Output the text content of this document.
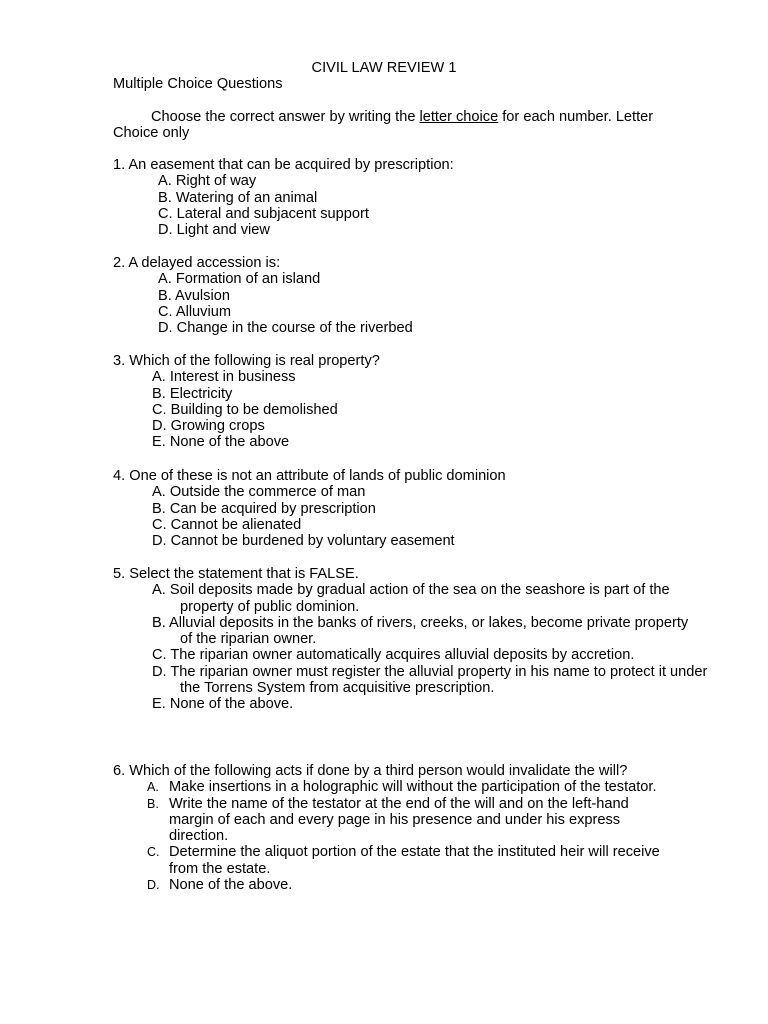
CIVIL LAW REVIEW 1
Multiple Choice Questions
Choose the correct answer by writing the letter choice for each number. Letter Choice only
1. An easement that can be acquired by prescription:
A. Right of way
B. Watering of an animal
C. Lateral and subjacent support
D. Light and view
2. A delayed accession is:
A. Formation of an island
B. Avulsion
C. Alluvium
D. Change in the course of the riverbed
3. Which of the following is real property?
A. Interest in business
B. Electricity
C. Building to be demolished
D. Growing crops
E. None of the above
4. One of these is not an attribute of lands of public dominion
A. Outside the commerce of man
B. Can be acquired by prescription
C. Cannot be alienated
D. Cannot be burdened by voluntary easement
5. Select the statement that is FALSE.
A. Soil deposits made by gradual action of the sea on the seashore is part of the property of public dominion.
B. Alluvial deposits in the banks of rivers, creeks, or lakes, become private property of the riparian owner.
C. The riparian owner automatically acquires alluvial deposits by accretion.
D. The riparian owner must register the alluvial property in his name to protect it under the Torrens System from acquisitive prescription.
E. None of the above.
6. Which of the following acts if done by a third person would invalidate the will?
A. Make insertions in a holographic will without the participation of the testator.
B. Write the name of the testator at the end of the will and on the left-hand margin of each and every page in his presence and under his express direction.
C. Determine the aliquot portion of the estate that the instituted heir will receive from the estate.
D. None of the above.
